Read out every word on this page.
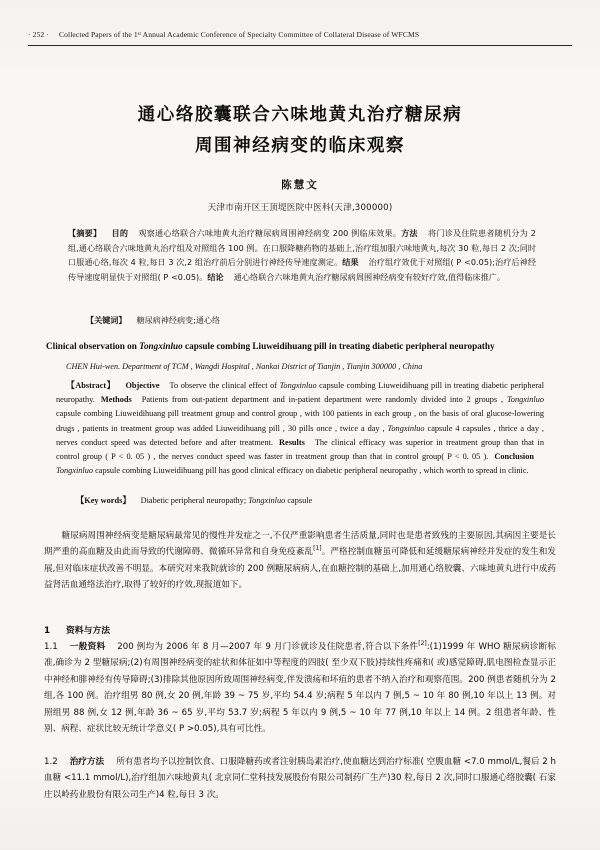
· 252 · Collected Papers of the 1ˢᵗ Annual Academic Conference of Specialty Committee of Collateral Disease of WFCMS
通心络胶囊联合六味地黄丸治疗糖尿病
周围神经病变的临床观察
陈慧文
天津市南开区王顶堤医院中医科(天津,300000)
【摘要】 目的 观察通心络联合六味地黄丸治疗糖尿病周围神经病变 200 例临床效果。方法 将门诊及住院患者随机分为 2 组,通心络联合六味地黄丸治疗组及对照组各 100 例。在口服降糖药物的基础上,治疗组加服六味地黄丸,每次 30 粒,每日 2 次;同时口服通心络,每次 4 粒,每日 3 次,2 组治疗前后分别进行神经传导速度测定。结果 治疗组疗效优于对照组( P <0.05);治疗后神经传导速度明显快于对照组( P <0.05)。结论 通心络联合六味地黄丸治疗糖尿病周围神经病变有较好疗效,值得临床推广。
【关键词】 糖尿病神经病变;通心络
Clinical observation on Tongxinluo capsule combing Liuweidihuang pill in treating diabetic peripheral neuropathy
CHEN Hui-wen. Department of TCM , Wangdi Hospital , Nankai District of Tianjin , Tianjin 300000 , China
【Abstract】 Objective To observe the clinical effect of Tongxinluo capsule combing Liuweidihuang pill in treating diabetic peripheral neuropathy. Methods Patients from out-patient department and in-patient department were randomly divided into 2 groups , Tongxinluo capsule combing Liuweidihuang pill treatment group and control group , with 100 patients in each group , on the basis of oral glucose-lowering drugs , patients in treatment group was added Liuweidihuang pill , 30 pills once , twice a day , Tongxinluo capsule 4 capsules , thrice a day , nerves conduct speed was detected before and after treatment. Results The clinical efficacy was superior in treatment group than that in control group ( P < 0. 05 ) , the nerves conduct speed was faster in treatment group than that in control group( P < 0. 05 ). ConclusionTongxinluo capsule combing Liuweidihuang pill has good clinical efficacy on diabetic peripheral neuropathy , which worth to spread in clinic.
【Key words】 Diabetic peripheral neuropathy; Tongxinluo capsule

糖尿病周围神经病变是糖尿病最常见的慢性并发症之一,不仅严重影响患者生活质量,同时也是患者致残的主要原因,其病因主要是长期严重的高血糖及由此而导致的代谢障碍、微循环异常和自身免疫紊乱[1]。严格控制血糖虽可降低和延缓糖尿病神经并发症的发生和发展,但对临床症状改善不明显。本研究对来我院就诊的 200 例糖尿病病人,在血糖控制的基础上,加用通心络胶囊、六味地黄丸进行中成药益肾活血通络法治疗,取得了较好的疗效,现报道如下。

1 资料与方法
1.1 一般资料 200 例均为 2006 年 8 月—2007 年 9 月门诊就诊及住院患者,符合以下条件[2]:(1)1999 年 WHO 糖尿病诊断标准,确诊为 2 型糖尿病;(2)有周围神经病变的症状和体征如中等程度的四肢( 至少双下肢)持续性疼痛和( 或)感觉障碍,肌电图检查显示正中神经和腓神经有传导障碍;(3)排除其他原因所致周围神经病变,伴发溃疡和坏疽的患者不纳入治疗和观察范围。200 例患者随机分为 2 组,各 100 例。治疗组男 80 例,女 20 例,年龄 39 ~ 75 岁,平均 54.4 岁;病程 5 年以内 7 例,5 ~ 10 年 80 例,10 年以上 13 例。对照组男 88 例,女 12 例,年龄 36 ~ 65 岁,平均 53.7 岁;病程 5 年以内 9 例,5 ~ 10 年 77 例,10 年以上 14 例。2 组患者年龄、性别、病程、症状比较无统计学意义( P >0.05),具有可比性。
1.2 治疗方法 所有患者均予以控制饮食、口服降糖药或者注射胰岛素治疗,使血糖达到治疗标准( 空腹血糖 <7.0 mmol/L,餐后 2 h 血糖 <11.1 mmol/L),治疗组加六味地黄丸( 北京同仁堂科技发展股份有限公司制药厂生产)30 粒,每日 2 次,同时口服通心络胶囊( 石家庄以岭药业股份有限公司生产)4 粒,每日 3 次。
